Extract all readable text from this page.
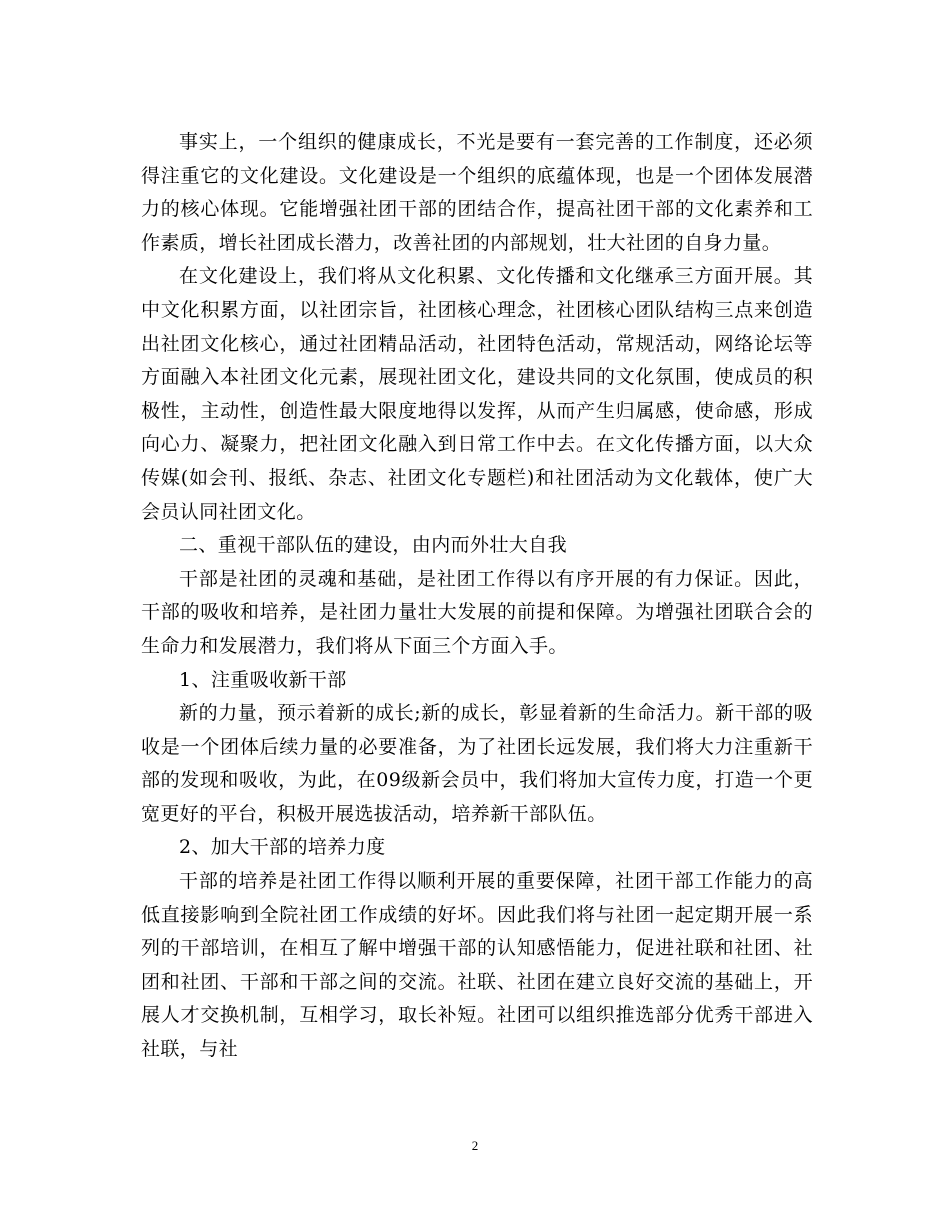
事实上，一个组织的健康成长，不光是要有一套完善的工作制度，还必须得注重它的文化建设。文化建设是一个组织的底蕴体现，也是一个团体发展潜力的核心体现。它能增强社团干部的团结合作，提高社团干部的文化素养和工作素质，增长社团成长潜力，改善社团的内部规划，壮大社团的自身力量。

在文化建设上，我们将从文化积累、文化传播和文化继承三方面开展。其中文化积累方面，以社团宗旨，社团核心理念，社团核心团队结构三点来创造出社团文化核心，通过社团精品活动，社团特色活动，常规活动，网络论坛等方面融入本社团文化元素，展现社团文化，建设共同的文化氛围，使成员的积极性，主动性，创造性最大限度地得以发挥，从而产生归属感，使命感，形成向心力、凝聚力，把社团文化融入到日常工作中去。在文化传播方面，以大众传媒(如会刊、报纸、杂志、社团文化专题栏)和社团活动为文化载体，使广大会员认同社团文化。

二、重视干部队伍的建设，由内而外壮大自我

干部是社团的灵魂和基础，是社团工作得以有序开展的有力保证。因此，干部的吸收和培养，是社团力量壮大发展的前提和保障。为增强社团联合会的生命力和发展潜力，我们将从下面三个方面入手。

1、注重吸收新干部

新的力量，预示着新的成长;新的成长，彰显着新的生命活力。新干部的吸收是一个团体后续力量的必要准备，为了社团长远发展，我们将大力注重新干部的发现和吸收，为此，在09级新会员中，我们将加大宣传力度，打造一个更宽更好的平台，积极开展选拔活动，培养新干部队伍。

2、加大干部的培养力度

干部的培养是社团工作得以顺利开展的重要保障，社团干部工作能力的高低直接影响到全院社团工作成绩的好坏。因此我们将与社团一起定期开展一系列的干部培训，在相互了解中增强干部的认知感悟能力，促进社联和社团、社团和社团、干部和干部之间的交流。社联、社团在建立良好交流的基础上，开展人才交换机制，互相学习，取长补短。社团可以组织推选部分优秀干部进入社联，与社

2
